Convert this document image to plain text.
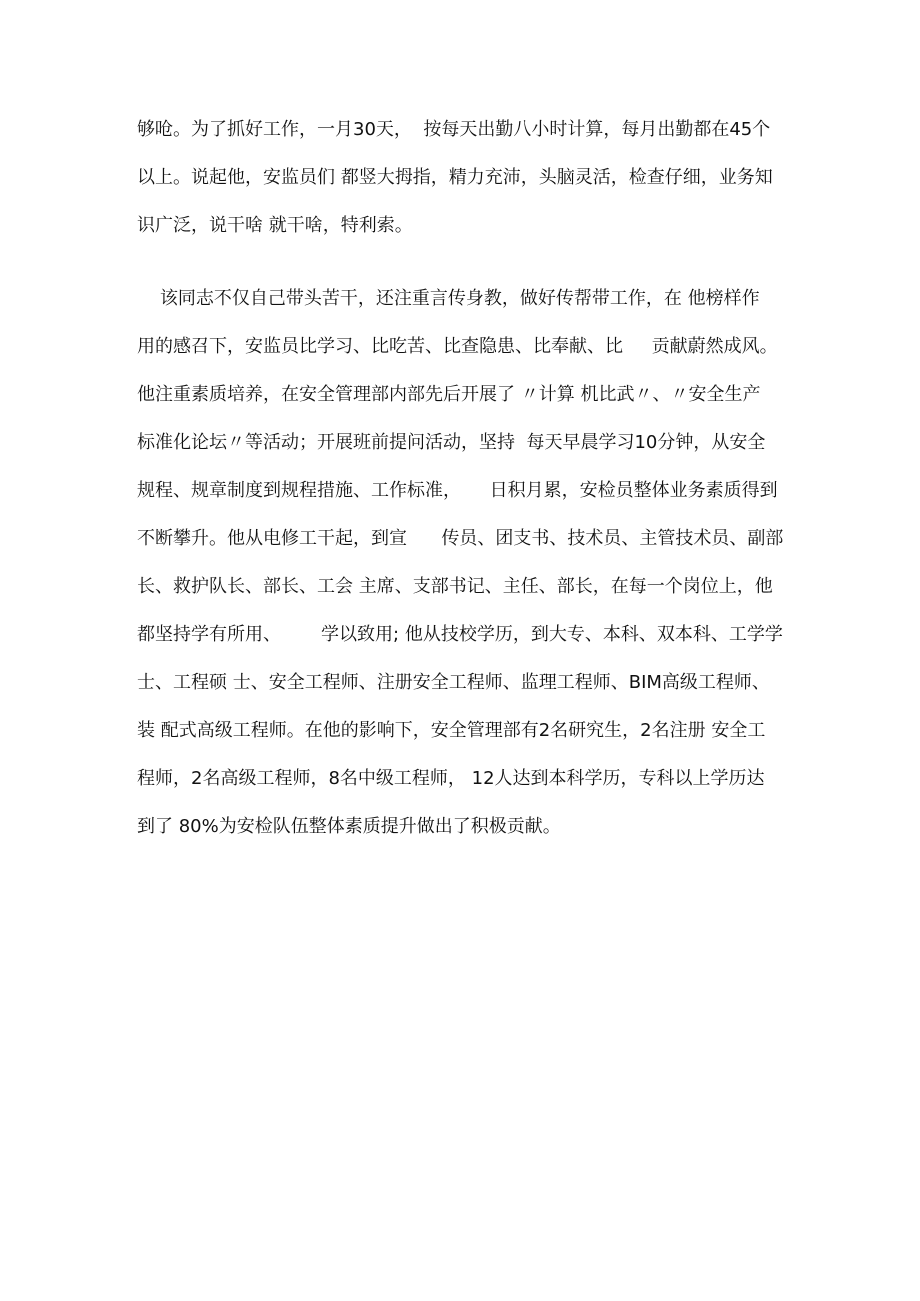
够呛。为了抓好工作，一月30天，  按每天出勤八小时计算，每月出勤都在45个
以上。说起他，安监员们 都竖大拇指，精力充沛，头脑灵活，检查仔细，业务知
识广泛，说干啥 就干啥，特利索。
该同志不仅自己带头苦干，还注重言传身教，做好传帮带工作，在 他榜样作
用的感召下，安监员比学习、比吃苦、比查隐患、比奉献、比     贡献蔚然成风。
他注重素质培养，在安全管理部内部先后开展了 〃计算 机比武〃、〃安全生产
标准化论坛〃等活动；开展班前提问活动，坚持  每天早晨学习10分钟，从安全
规程、规章制度到规程措施、工作标准，     日积月累，安检员整体业务素质得到
不断攀升。他从电修工干起，到宣      传员、团支书、技术员、主管技术员、副部
长、救护队长、部长、工会 主席、支部书记、主任、部长，在每一个岗位上，他
都坚持学有所用、       学以致用; 他从技校学历，到大专、本科、双本科、工学学
士、工程硕 士、安全工程师、注册安全工程师、监理工程师、BIM高级工程师、
装 配式高级工程师。在他的影响下，安全管理部有2名研究生，2名注册 安全工
程师，2名高级工程师，8名中级工程师， 12人达到本科学历，专科以上学历达
到了 80%为安检队伍整体素质提升做出了积极贡献。
